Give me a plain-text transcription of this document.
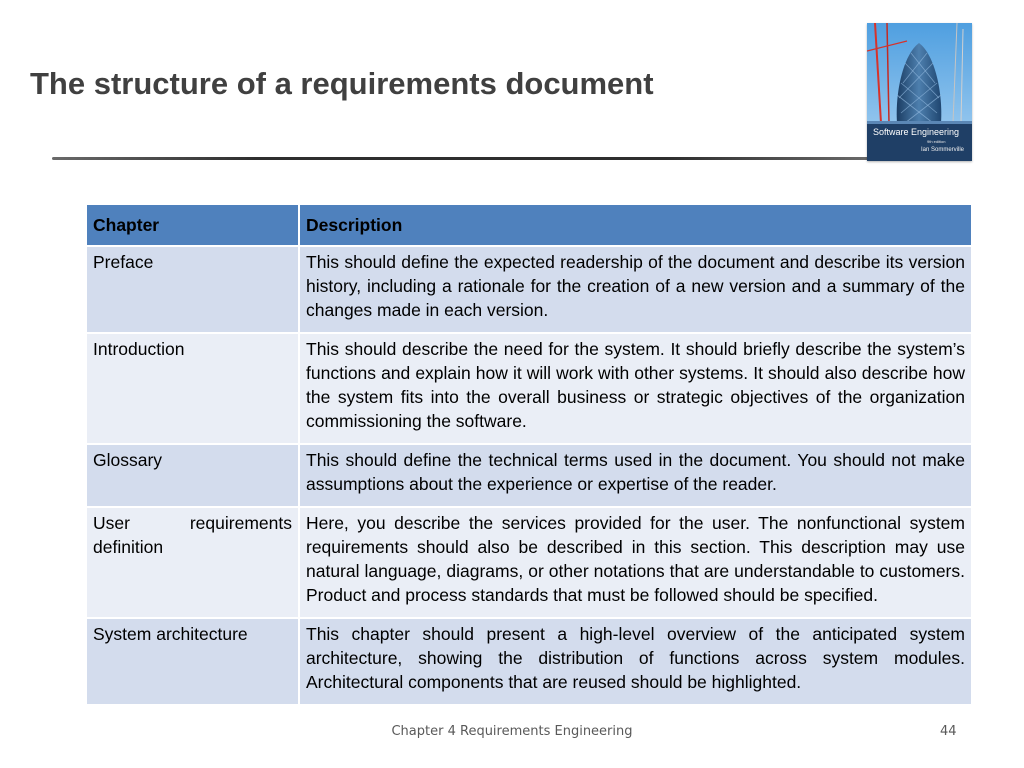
The structure of a requirements document
Software Engineering
9th edition
Ian Sommerville
Chapter	Description
Preface	This should define the expected readership of the document and describe its version history, including a rationale for the creation of a new version and a summary of the changes made in each version.
Introduction	This should describe the need for the system. It should briefly describe the system’s functions and explain how it will work with other systems. It should also describe how the system fits into the overall business or strategic objectives of the organization commissioning the software.
Glossary	This should define the technical terms used in the document. You should not make assumptions about the experience or expertise of the reader.
User requirements definition	Here, you describe the services provided for the user. The nonfunctional system requirements should also be described in this section. This description may use natural language, diagrams, or other notations that are understandable to customers. Product and process standards that must be followed should be specified.
System architecture	This chapter should present a high-level overview of the anticipated system architecture, showing the distribution of functions across system modules. Architectural components that are reused should be highlighted.
Chapter 4 Requirements Engineering	44
